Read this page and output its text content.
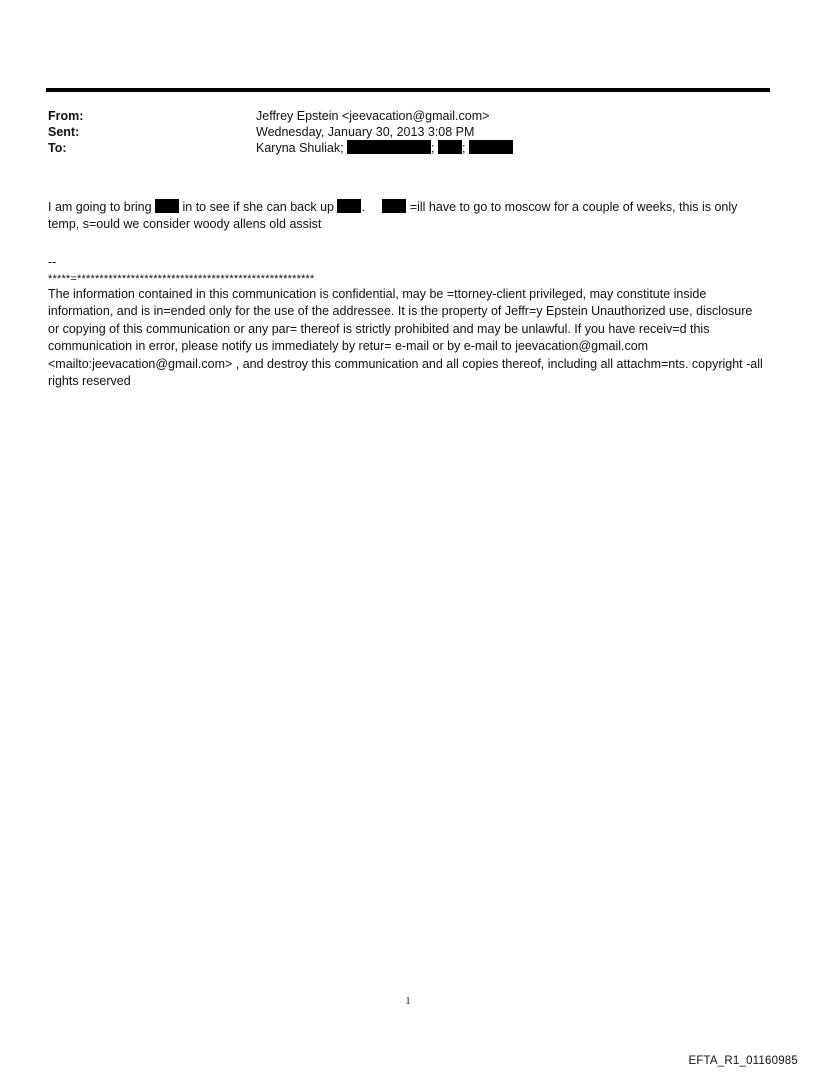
From:	Jeffrey Epstein <jeevacation@gmail.com>
Sent:	Wednesday, January 30, 2013 3:08 PM
To:	Karyna Shuliak;	; ;
I am going to bring  in to see if she can back up .	=ill have to go to moscow for a couple of weeks, this is only temp, s=ould we consider woody allens old assist
--
*****=*****************************************************
The information contained in this communication is confidential, may be =ttorney-client privileged, may constitute inside information, and is in=ended only for the use of the addressee. It is the property of Jeffr=y Epstein Unauthorized use, disclosure or copying of this communication or any par= thereof is strictly prohibited and may be unlawful. If you have receiv=d this communication in error, please notify us immediately by retur= e-mail or by e-mail to jeevacation@gmail.com <mailto:jeevacation@gmail.com> , and destroy this communication and all copies thereof, including all attachm=nts. copyright -all rights reserved
1
EFTA_R1_01160985
